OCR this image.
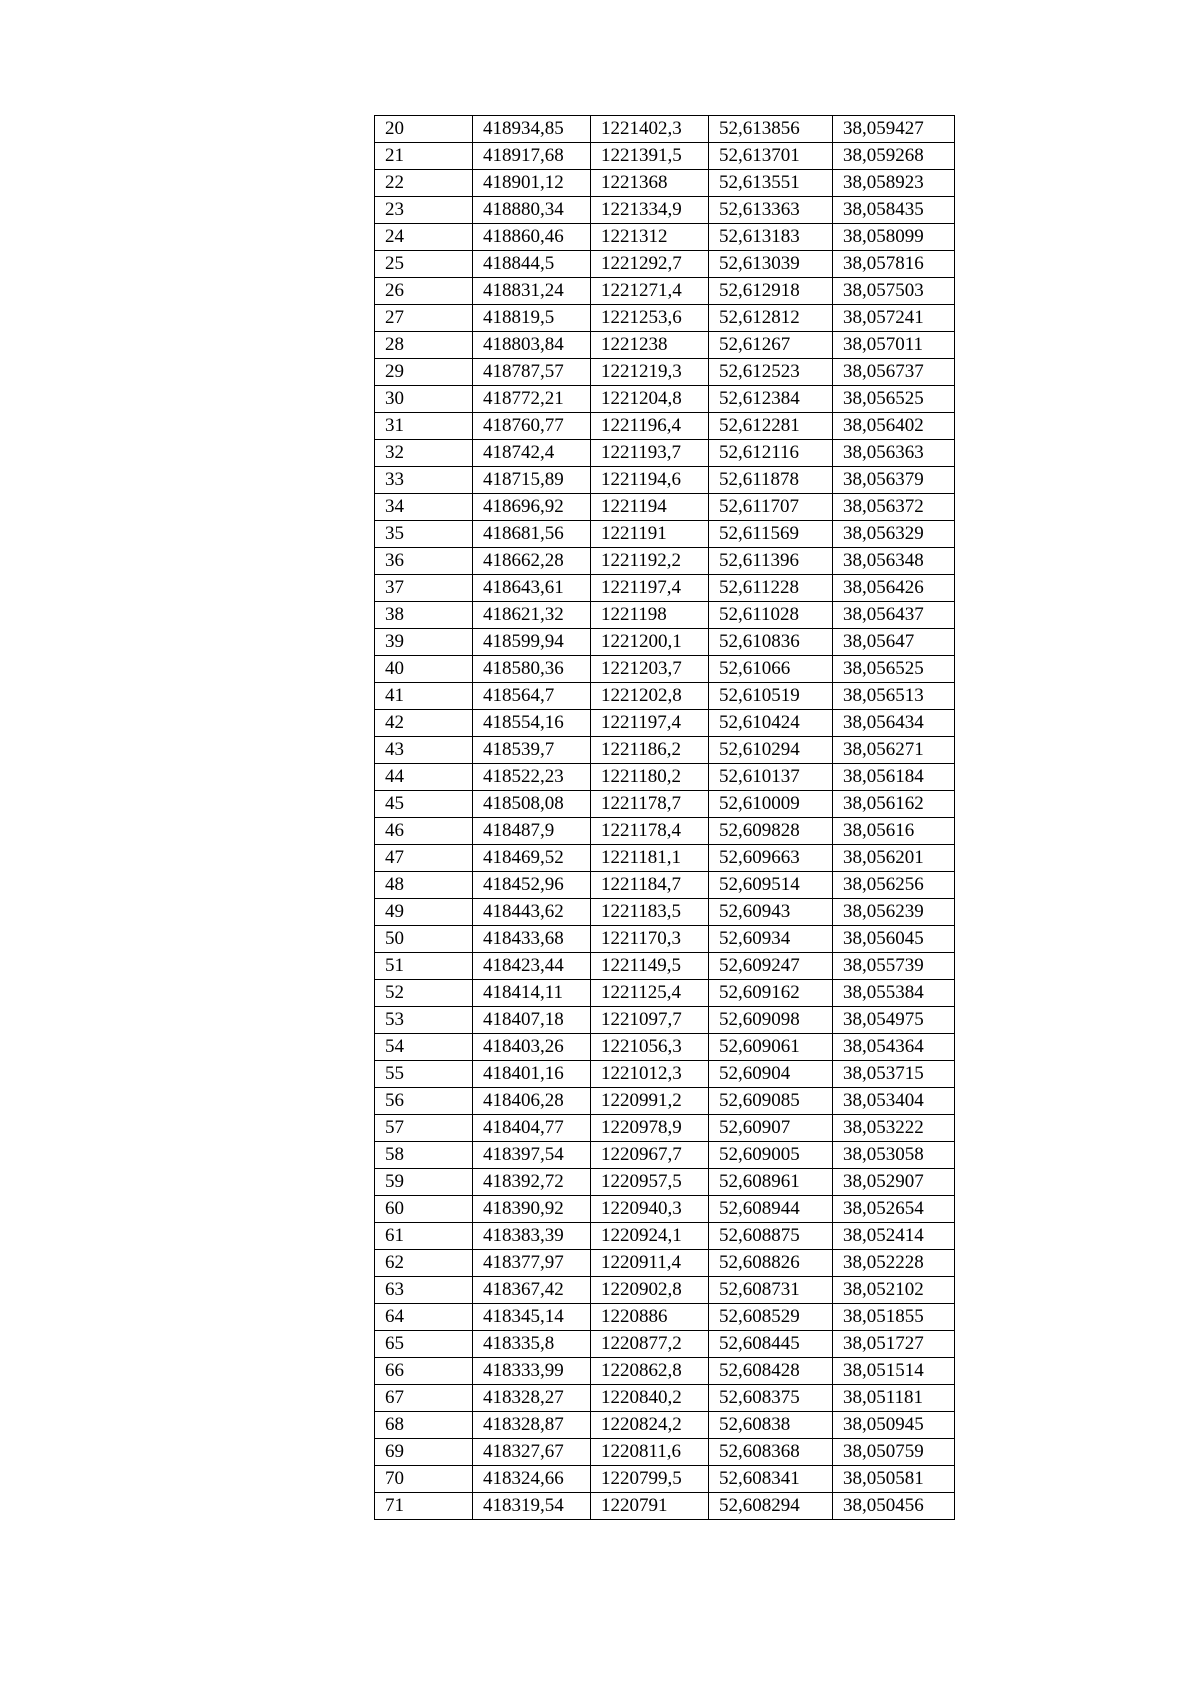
20	418934,85	1221402,3	52,613856	38,059427
21	418917,68	1221391,5	52,613701	38,059268
22	418901,12	1221368	52,613551	38,058923
23	418880,34	1221334,9	52,613363	38,058435
24	418860,46	1221312	52,613183	38,058099
25	418844,5	1221292,7	52,613039	38,057816
26	418831,24	1221271,4	52,612918	38,057503
27	418819,5	1221253,6	52,612812	38,057241
28	418803,84	1221238	52,61267	38,057011
29	418787,57	1221219,3	52,612523	38,056737
30	418772,21	1221204,8	52,612384	38,056525
31	418760,77	1221196,4	52,612281	38,056402
32	418742,4	1221193,7	52,612116	38,056363
33	418715,89	1221194,6	52,611878	38,056379
34	418696,92	1221194	52,611707	38,056372
35	418681,56	1221191	52,611569	38,056329
36	418662,28	1221192,2	52,611396	38,056348
37	418643,61	1221197,4	52,611228	38,056426
38	418621,32	1221198	52,611028	38,056437
39	418599,94	1221200,1	52,610836	38,05647
40	418580,36	1221203,7	52,61066	38,056525
41	418564,7	1221202,8	52,610519	38,056513
42	418554,16	1221197,4	52,610424	38,056434
43	418539,7	1221186,2	52,610294	38,056271
44	418522,23	1221180,2	52,610137	38,056184
45	418508,08	1221178,7	52,610009	38,056162
46	418487,9	1221178,4	52,609828	38,05616
47	418469,52	1221181,1	52,609663	38,056201
48	418452,96	1221184,7	52,609514	38,056256
49	418443,62	1221183,5	52,60943	38,056239
50	418433,68	1221170,3	52,60934	38,056045
51	418423,44	1221149,5	52,609247	38,055739
52	418414,11	1221125,4	52,609162	38,055384
53	418407,18	1221097,7	52,609098	38,054975
54	418403,26	1221056,3	52,609061	38,054364
55	418401,16	1221012,3	52,60904	38,053715
56	418406,28	1220991,2	52,609085	38,053404
57	418404,77	1220978,9	52,60907	38,053222
58	418397,54	1220967,7	52,609005	38,053058
59	418392,72	1220957,5	52,608961	38,052907
60	418390,92	1220940,3	52,608944	38,052654
61	418383,39	1220924,1	52,608875	38,052414
62	418377,97	1220911,4	52,608826	38,052228
63	418367,42	1220902,8	52,608731	38,052102
64	418345,14	1220886	52,608529	38,051855
65	418335,8	1220877,2	52,608445	38,051727
66	418333,99	1220862,8	52,608428	38,051514
67	418328,27	1220840,2	52,608375	38,051181
68	418328,87	1220824,2	52,60838	38,050945
69	418327,67	1220811,6	52,608368	38,050759
70	418324,66	1220799,5	52,608341	38,050581
71	418319,54	1220791	52,608294	38,050456
